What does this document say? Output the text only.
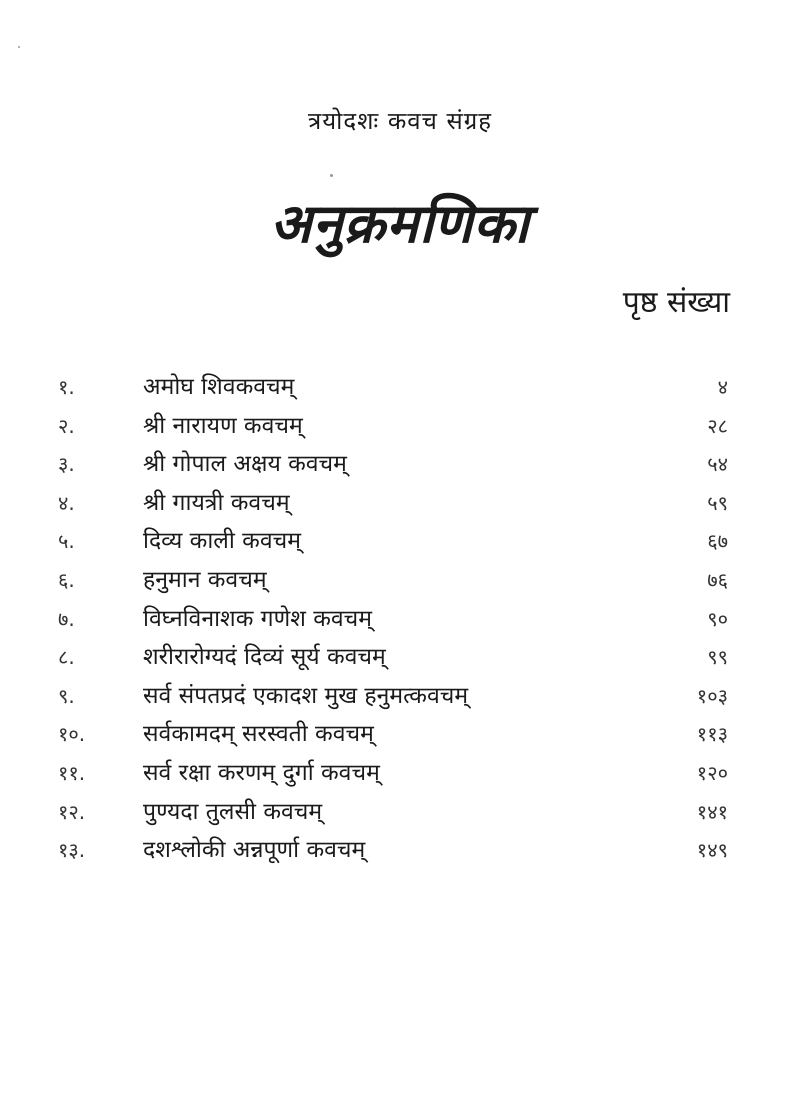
त्रयोदशः कवच संग्रह
अनुक्रमणिका
पृष्ठ संख्या
१.	अमोघ शिवकवचम्	४
२.	श्री नारायण कवचम्	२८
३.	श्री गोपाल अक्षय कवचम्	५४
४.	श्री गायत्री कवचम्	५९
५.	दिव्य काली कवचम्	६७
६.	हनुमान कवचम्	७६
७.	विघ्नविनाशक गणेश कवचम्	९०
८.	शरीरारोग्यदं दिव्यं सूर्य कवचम्	९९
९.	सर्व संपतप्रदं एकादश मुख हनुमत्कवचम्	१०३
१०.	सर्वकामदम् सरस्वती कवचम्	११३
११.	सर्व रक्षा करणम् दुर्गा कवचम्	१२०
१२.	पुण्यदा तुलसी कवचम्	१४१
१३.	दशश्लोकी अन्नपूर्णा कवचम्	१४९
